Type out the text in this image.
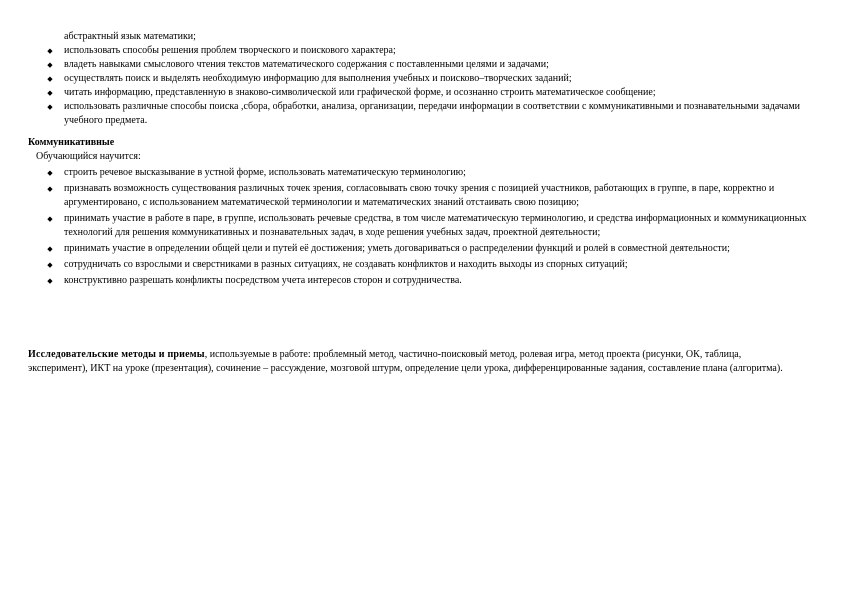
абстрактный язык математики;
◆ использовать способы решения проблем творческого и поискового характера;
◆ владеть навыками смыслового чтения текстов математического содержания с поставленными целями и задачами;
◆ осуществлять поиск и выделять необходимую информацию для выполнения учебных и поисково–творческих заданий;
◆ читать информацию, представленную в знаково-символической или графической форме, и осознанно строить математическое сообщение;
◆ использовать различные способы поиска ,сбора, обработки, анализа, организации, передачи информации в соответствии с коммуникативными и познавательными задачами учебного предмета.
Коммуникативные
Обучающийся научится:
◆ строить речевое высказывание в устной форме, использовать математическую терминологию;
◆ признавать возможность существования различных точек зрения, согласовывать свою точку зрения с позицией участников, работающих в группе, в паре, корректно и аргументировано, с использованием математической терминологии и математических знаний отстаивать свою позицию;
◆ принимать участие в работе в паре, в группе, использовать речевые средства, в том числе математическую терминологию, и средства информационных и коммуникационных технологий для решения коммуникативных и познавательных задач, в ходе решения учебных задач, проектной деятельности;
◆ принимать участие в определении общей цели и путей её достижения; уметь договариваться о распределении функций и ролей в совместной деятельности;
◆ сотрудничать со взрослыми и сверстниками в разных ситуациях, не создавать конфликтов и находить выходы из спорных ситуаций;
◆ конструктивно разрешать конфликты посредством учета интересов сторон и сотрудничества.

Исследовательские методы и приемы, используемые в работе: проблемный метод, частично-поисковый метод, ролевая игра, метод проекта (рисунки, ОК, таблица, эксперимент), ИКТ на уроке (презентация), сочинение – рассуждение, мозговой штурм, определение цели урока, дифференцированные задания, составление плана (алгоритма).
